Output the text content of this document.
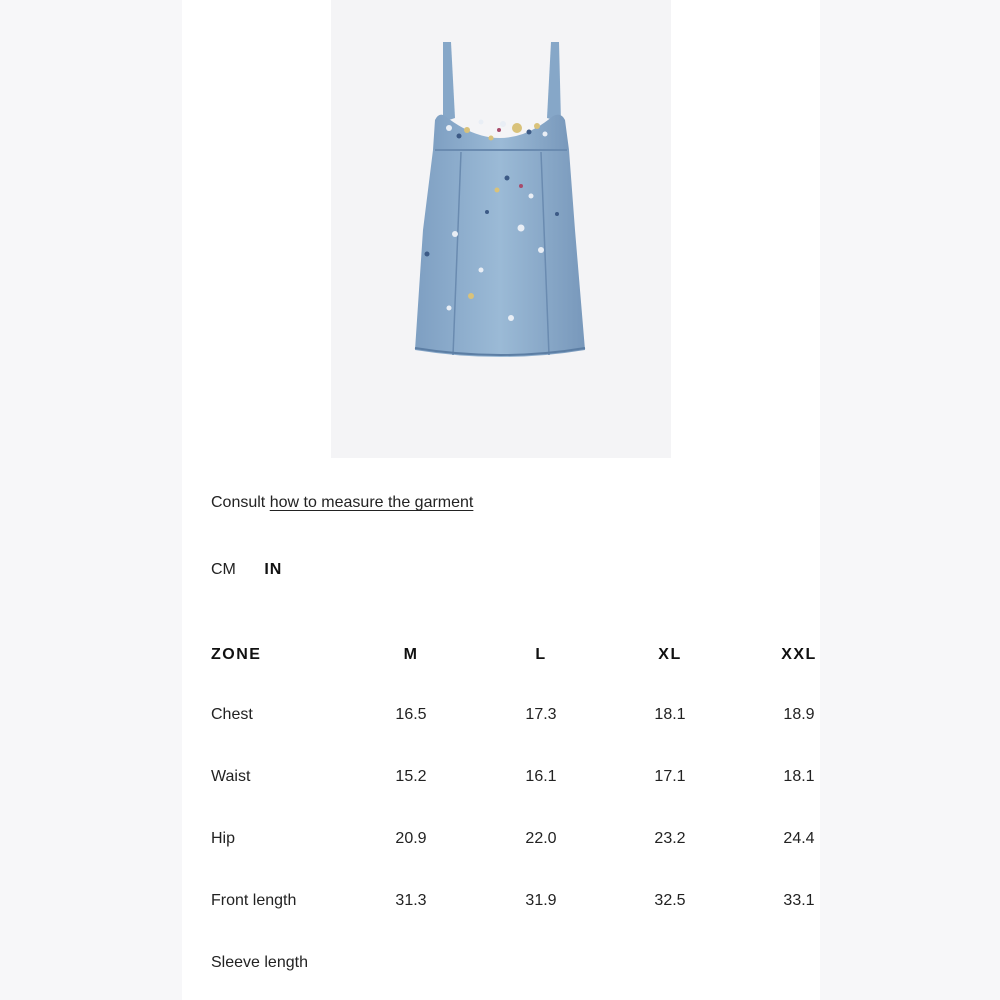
Consult how to measure the garment
CM IN
ZONE	M	L	XL	XXL
Chest	16.5	17.3	18.1	18.9
Waist	15.2	16.1	17.1	18.1
Hip	20.9	22.0	23.2	24.4
Front length	31.3	31.9	32.5	33.1
Sleeve length
